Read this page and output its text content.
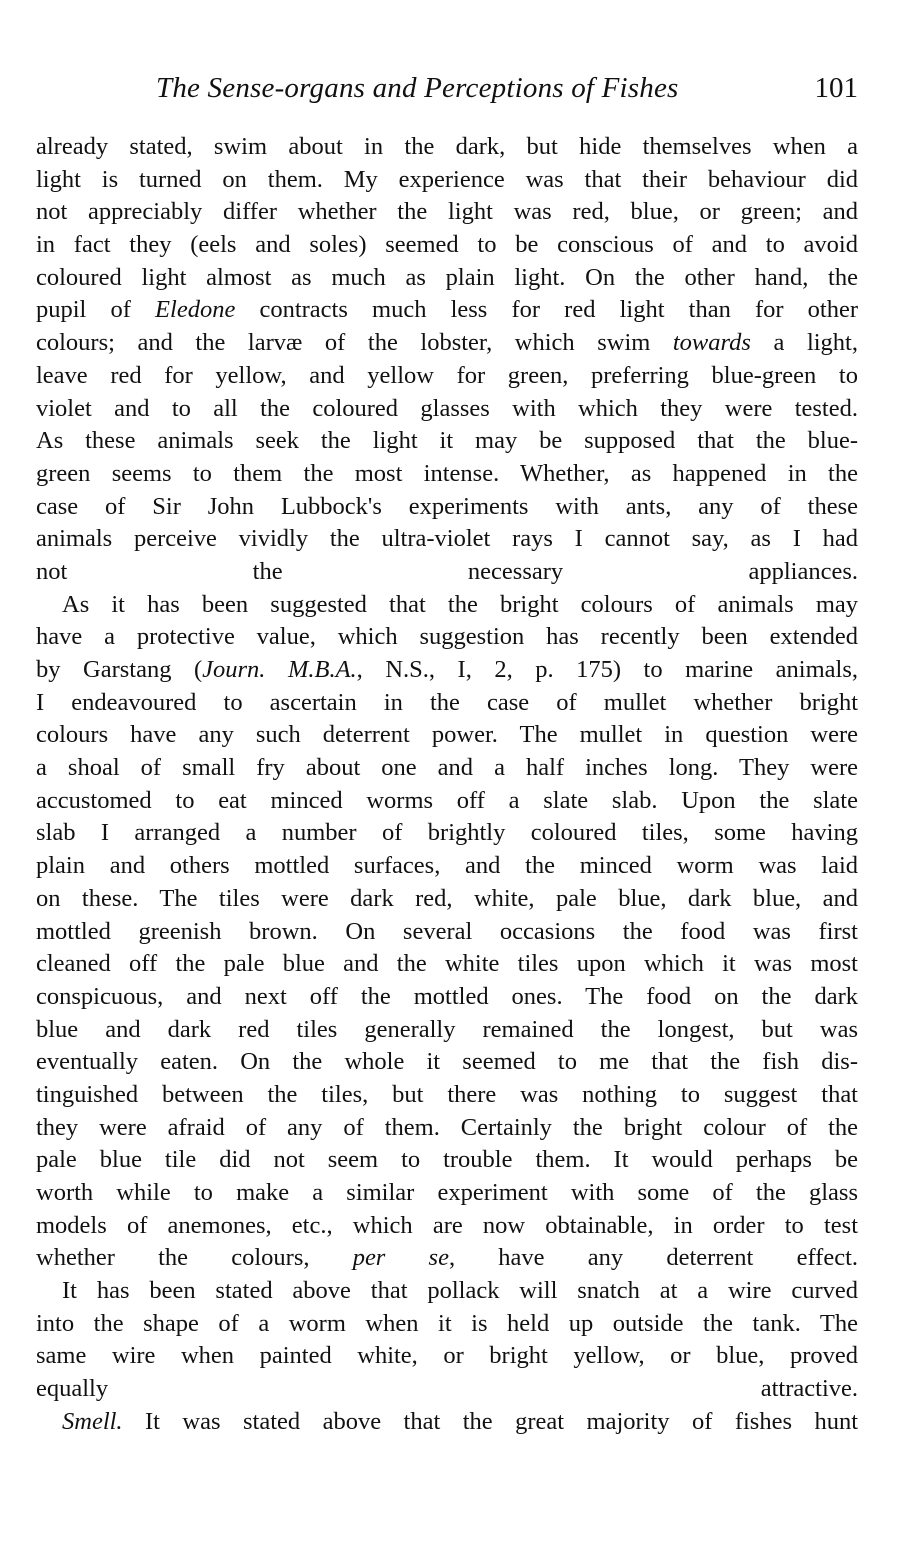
The Sense-organs and Perceptions of Fishes	101
already stated, swim about in the dark, but hide themselves when a
light is turned on them. My experience was that their behaviour did
not appreciably differ whether the light was red, blue, or green; and
in fact they (eels and soles) seemed to be conscious of and to avoid
coloured light almost as much as plain light. On the other hand, the
pupil of Eledone contracts much less for red light than for other
colours; and the larvæ of the lobster, which swim towards a light,
leave red for yellow, and yellow for green, preferring blue-green to
violet and to all the coloured glasses with which they were tested.
As these animals seek the light it may be supposed that the blue-
green seems to them the most intense. Whether, as happened in the
case of Sir John Lubbock's experiments with ants, any of these
animals perceive vividly the ultra-violet rays I cannot say, as I had
not the necessary appliances.
As it has been suggested that the bright colours of animals may
have a protective value, which suggestion has recently been extended
by Garstang (Journ. M.B.A., N.S., I, 2, p. 175) to marine animals,
I endeavoured to ascertain in the case of mullet whether bright
colours have any such deterrent power. The mullet in question were
a shoal of small fry about one and a half inches long. They were
accustomed to eat minced worms off a slate slab. Upon the slate
slab I arranged a number of brightly coloured tiles, some having
plain and others mottled surfaces, and the minced worm was laid
on these. The tiles were dark red, white, pale blue, dark blue, and
mottled greenish brown. On several occasions the food was first
cleaned off the pale blue and the white tiles upon which it was most
conspicuous, and next off the mottled ones. The food on the dark
blue and dark red tiles generally remained the longest, but was
eventually eaten. On the whole it seemed to me that the fish dis-
tinguished between the tiles, but there was nothing to suggest that
they were afraid of any of them. Certainly the bright colour of the
pale blue tile did not seem to trouble them. It would perhaps be
worth while to make a similar experiment with some of the glass
models of anemones, etc., which are now obtainable, in order to test
whether the colours, per se, have any deterrent effect.
It has been stated above that pollack will snatch at a wire curved
into the shape of a worm when it is held up outside the tank. The
same wire when painted white, or bright yellow, or blue, proved
equally attractive.
Smell. It was stated above that the great majority of fishes hunt
